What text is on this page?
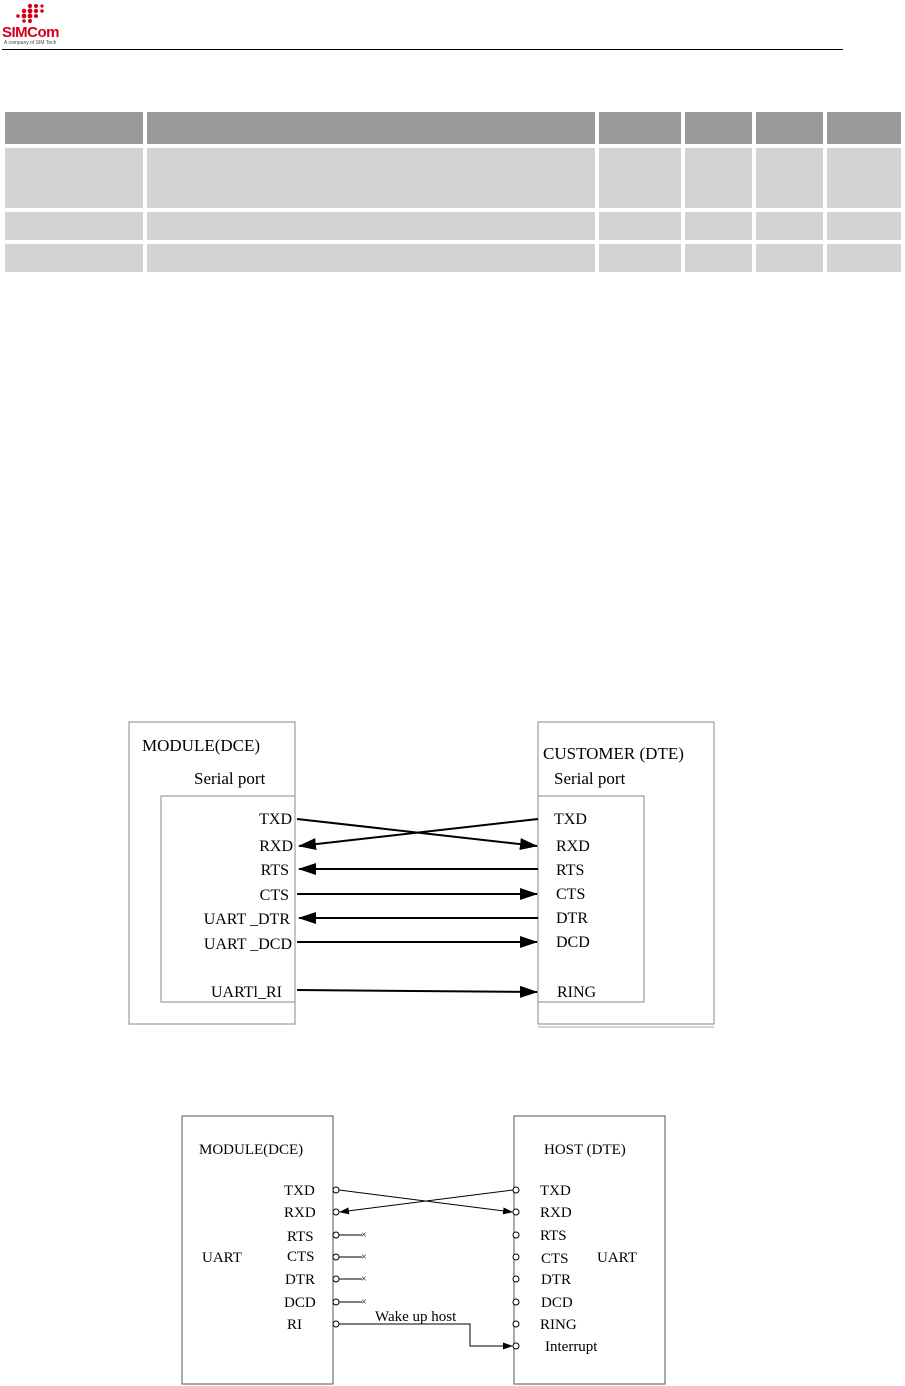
SIMCom
A company of SIM Tech
MODULE(DCE)
Serial port
CUSTOMER (DTE)
Serial port
TXD
RXD
RTS
CTS
UART _DTR
UART _DCD
UARTl_RI
TXD
RXD
RTS
CTS
DTR
DCD
RING
MODULE(DCE)	HOST (DTE)
UART	UART
TXD
RXD
RTS
CTS
DTR
DCD
RI
TXD
RXD
RTS
CTS
DTR
DCD
RING
Interrupt
×
×
×
×
Wake up host
